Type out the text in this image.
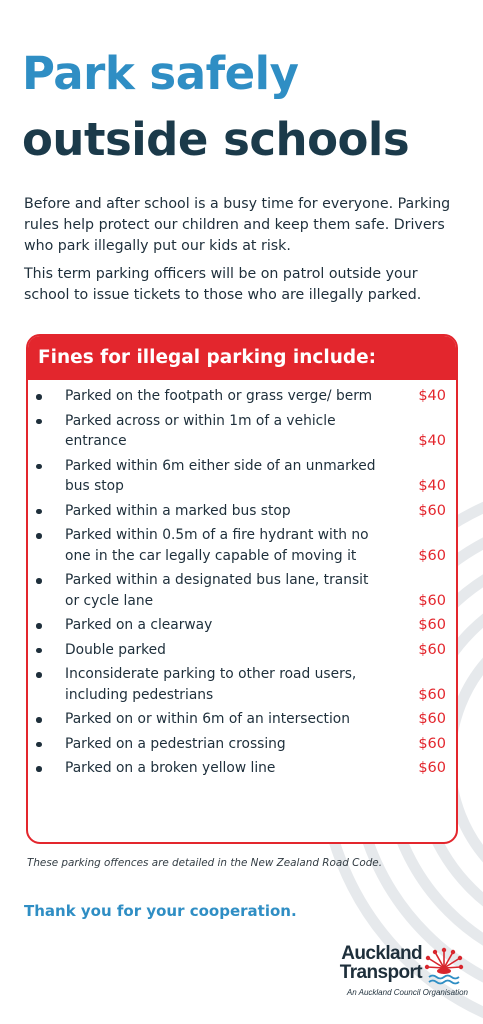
Park safely
outside schools

Before and after school is a busy time for everyone. Parking rules help protect our children and keep them safe. Drivers who park illegally put our kids at risk.

This term parking officers will be on patrol outside your school to issue tickets to those who are illegally parked.

Fines for illegal parking include:
Parked on the footpath or grass verge/ berm	$40
Parked across or within 1m of a vehicle entrance	$40
Parked within 6m either side of an unmarked bus stop	$40
Parked within a marked bus stop	$60
Parked within 0.5m of a fire hydrant with no one in the car legally capable of moving it	$60
Parked within a designated bus lane, transit or cycle lane	$60
Parked on a clearway	$60
Double parked	$60
Inconsiderate parking to other road users, including pedestrians	$60
Parked on or within 6m of an intersection	$60
Parked on a pedestrian crossing	$60
Parked on a broken yellow line	$60

These parking offences are detailed in the New Zealand Road Code.

Thank you for your cooperation.

Auckland
Transport
An Auckland Council Organisation
